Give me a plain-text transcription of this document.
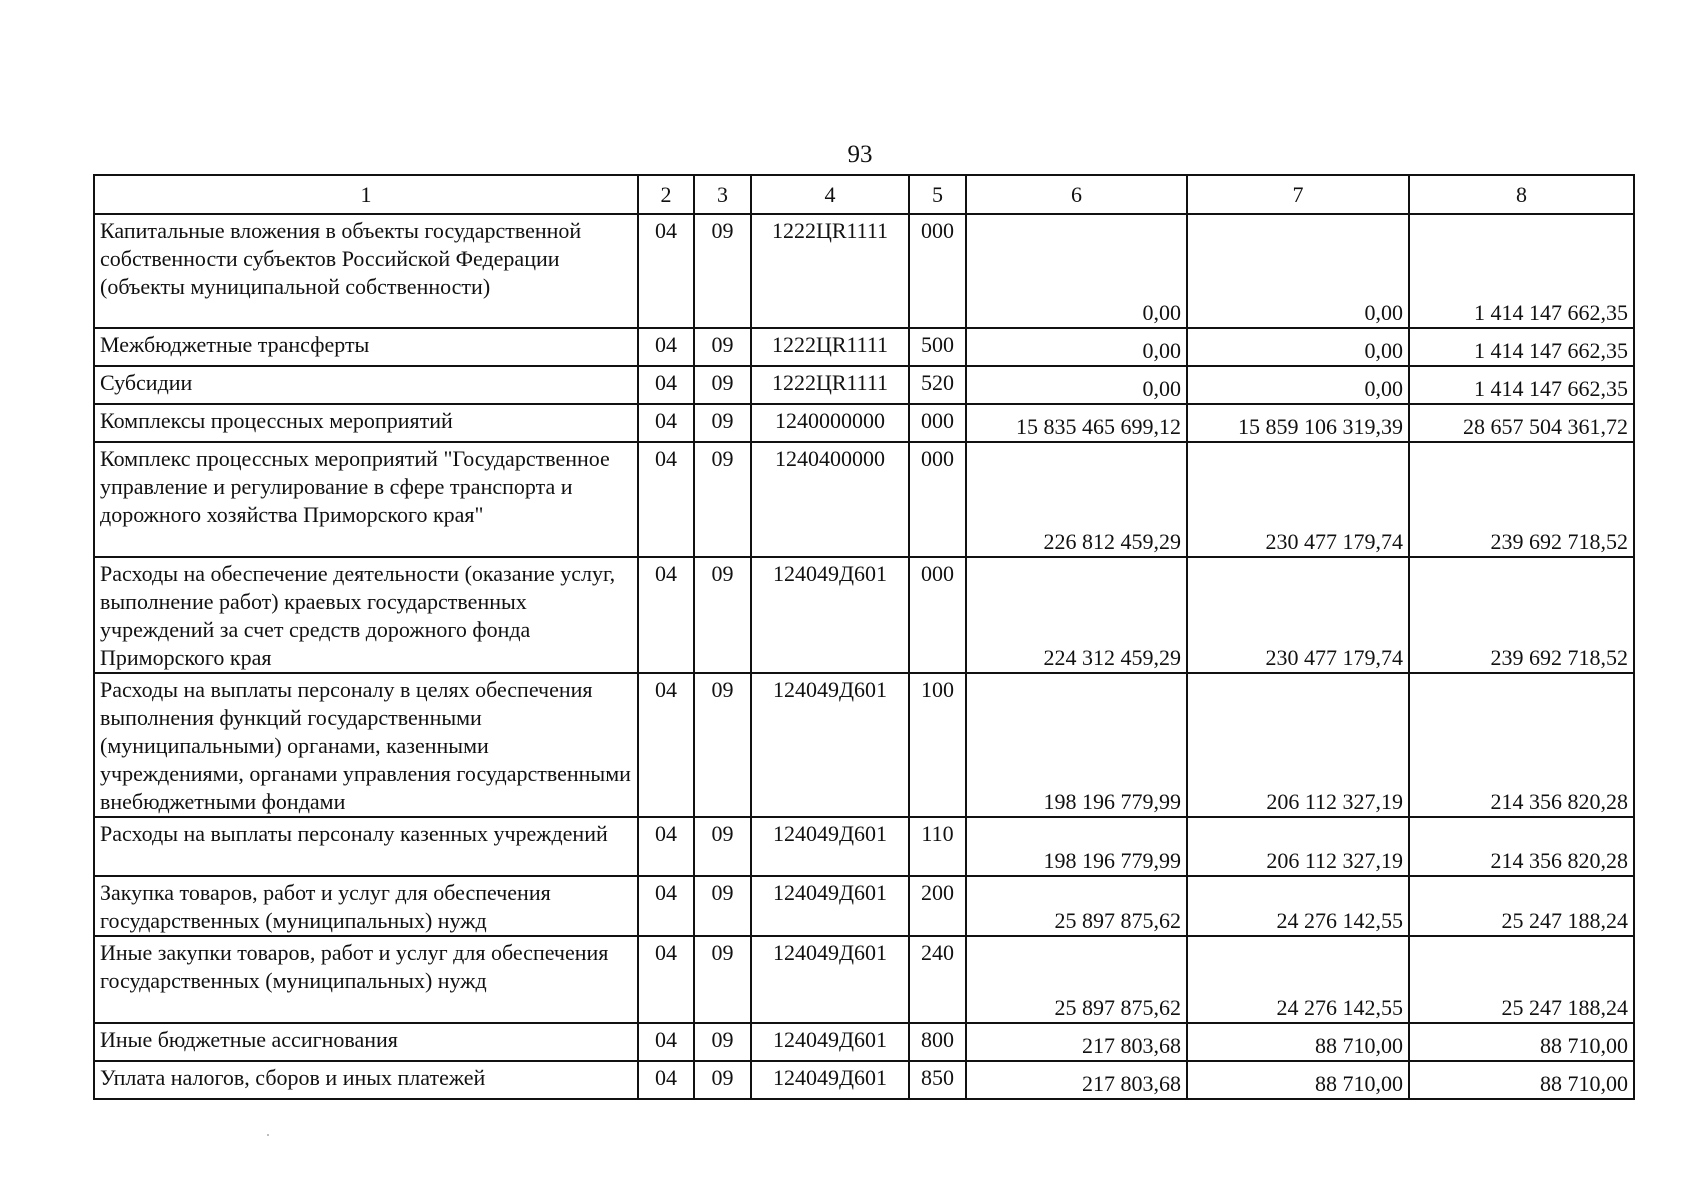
93
1	2	3	4	5	6	7	8
Капитальные вложения в объекты государственной собственности субъектов Российской Федерации (объекты муниципальной собственности)	04	09	1222ЦR1111	000	0,00	0,00	1 414 147 662,35
Межбюджетные трансферты	04	09	1222ЦR1111	500	0,00	0,00	1 414 147 662,35
Субсидии	04	09	1222ЦR1111	520	0,00	0,00	1 414 147 662,35
Комплексы процессных мероприятий	04	09	1240000000	000	15 835 465 699,12	15 859 106 319,39	28 657 504 361,72
Комплекс процессных мероприятий "Государственное управление и регулирование в сфере транспорта и дорожного хозяйства Приморского края"	04	09	1240400000	000	226 812 459,29	230 477 179,74	239 692 718,52
Расходы на обеспечение деятельности (оказание услуг, выполнение работ) краевых государственных учреждений за счет средств дорожного фонда Приморского края	04	09	124049Д601	000	224 312 459,29	230 477 179,74	239 692 718,52
Расходы на выплаты персоналу в целях обеспечения выполнения функций государственными (муниципальными) органами, казенными учреждениями, органами управления государственными внебюджетными фондами	04	09	124049Д601	100	198 196 779,99	206 112 327,19	214 356 820,28
Расходы на выплаты персоналу казенных учреждений	04	09	124049Д601	110	198 196 779,99	206 112 327,19	214 356 820,28
Закупка товаров, работ и услуг для обеспечения государственных (муниципальных) нужд	04	09	124049Д601	200	25 897 875,62	24 276 142,55	25 247 188,24
Иные закупки товаров, работ и услуг для обеспечения государственных (муниципальных) нужд	04	09	124049Д601	240	25 897 875,62	24 276 142,55	25 247 188,24
Иные бюджетные ассигнования	04	09	124049Д601	800	217 803,68	88 710,00	88 710,00
Уплата налогов, сборов и иных платежей	04	09	124049Д601	850	217 803,68	88 710,00	88 710,00
